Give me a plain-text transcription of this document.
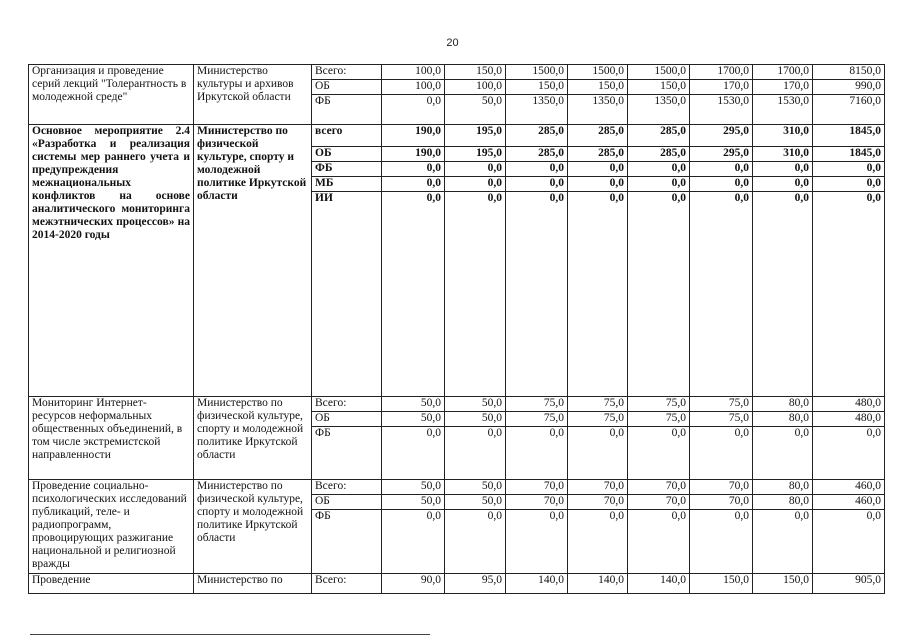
20
Организация и проведение серий лекций "Толерантность в молодежной среде"	Министерство культуры и архивов Иркутской области	Всего:	100,0	150,0	1500,0	1500,0	1500,0	1700,0	1700,0	8150,0
		ОБ	100,0	100,0	150,0	150,0	150,0	170,0	170,0	990,0
		ФБ	0,0	50,0	1350,0	1350,0	1350,0	1530,0	1530,0	7160,0
Основное мероприятие 2.4 «Разработка и реализация системы мер раннего учета и предупреждения межнациональных конфликтов на основе аналитического мониторинга межэтнических процессов» на 2014-2020 годы	Министерство по физической культуре, спорту и молодежной политике Иркутской области	всего	190,0	195,0	285,0	285,0	285,0	295,0	310,0	1845,0
		ОБ	190,0	195,0	285,0	285,0	285,0	295,0	310,0	1845,0
		ФБ	0,0	0,0	0,0	0,0	0,0	0,0	0,0	0,0
		МБ	0,0	0,0	0,0	0,0	0,0	0,0	0,0	0,0
		ИИ	0,0	0,0	0,0	0,0	0,0	0,0	0,0	0,0
Мониторинг Интернет-ресурсов неформальных общественных объединений, в том числе экстремистской направленности	Министерство по физической культуре, спорту и молодежной политике Иркутской области	Всего:	50,0	50,0	75,0	75,0	75,0	75,0	80,0	480,0
		ОБ	50,0	50,0	75,0	75,0	75,0	75,0	80,0	480,0
		ФБ	0,0	0,0	0,0	0,0	0,0	0,0	0,0	0,0
Проведение социально-психологических исследований публикаций, теле- и радиопрограмм, провоцирующих разжигание национальной и религиозной вражды	Министерство по физической культуре, спорту и молодежной политике Иркутской области	Всего:	50,0	50,0	70,0	70,0	70,0	70,0	80,0	460,0
		ОБ	50,0	50,0	70,0	70,0	70,0	70,0	80,0	460,0
		ФБ	0,0	0,0	0,0	0,0	0,0	0,0	0,0	0,0
Проведение	Министерство по	Всего:	90,0	95,0	140,0	140,0	140,0	150,0	150,0	905,0
